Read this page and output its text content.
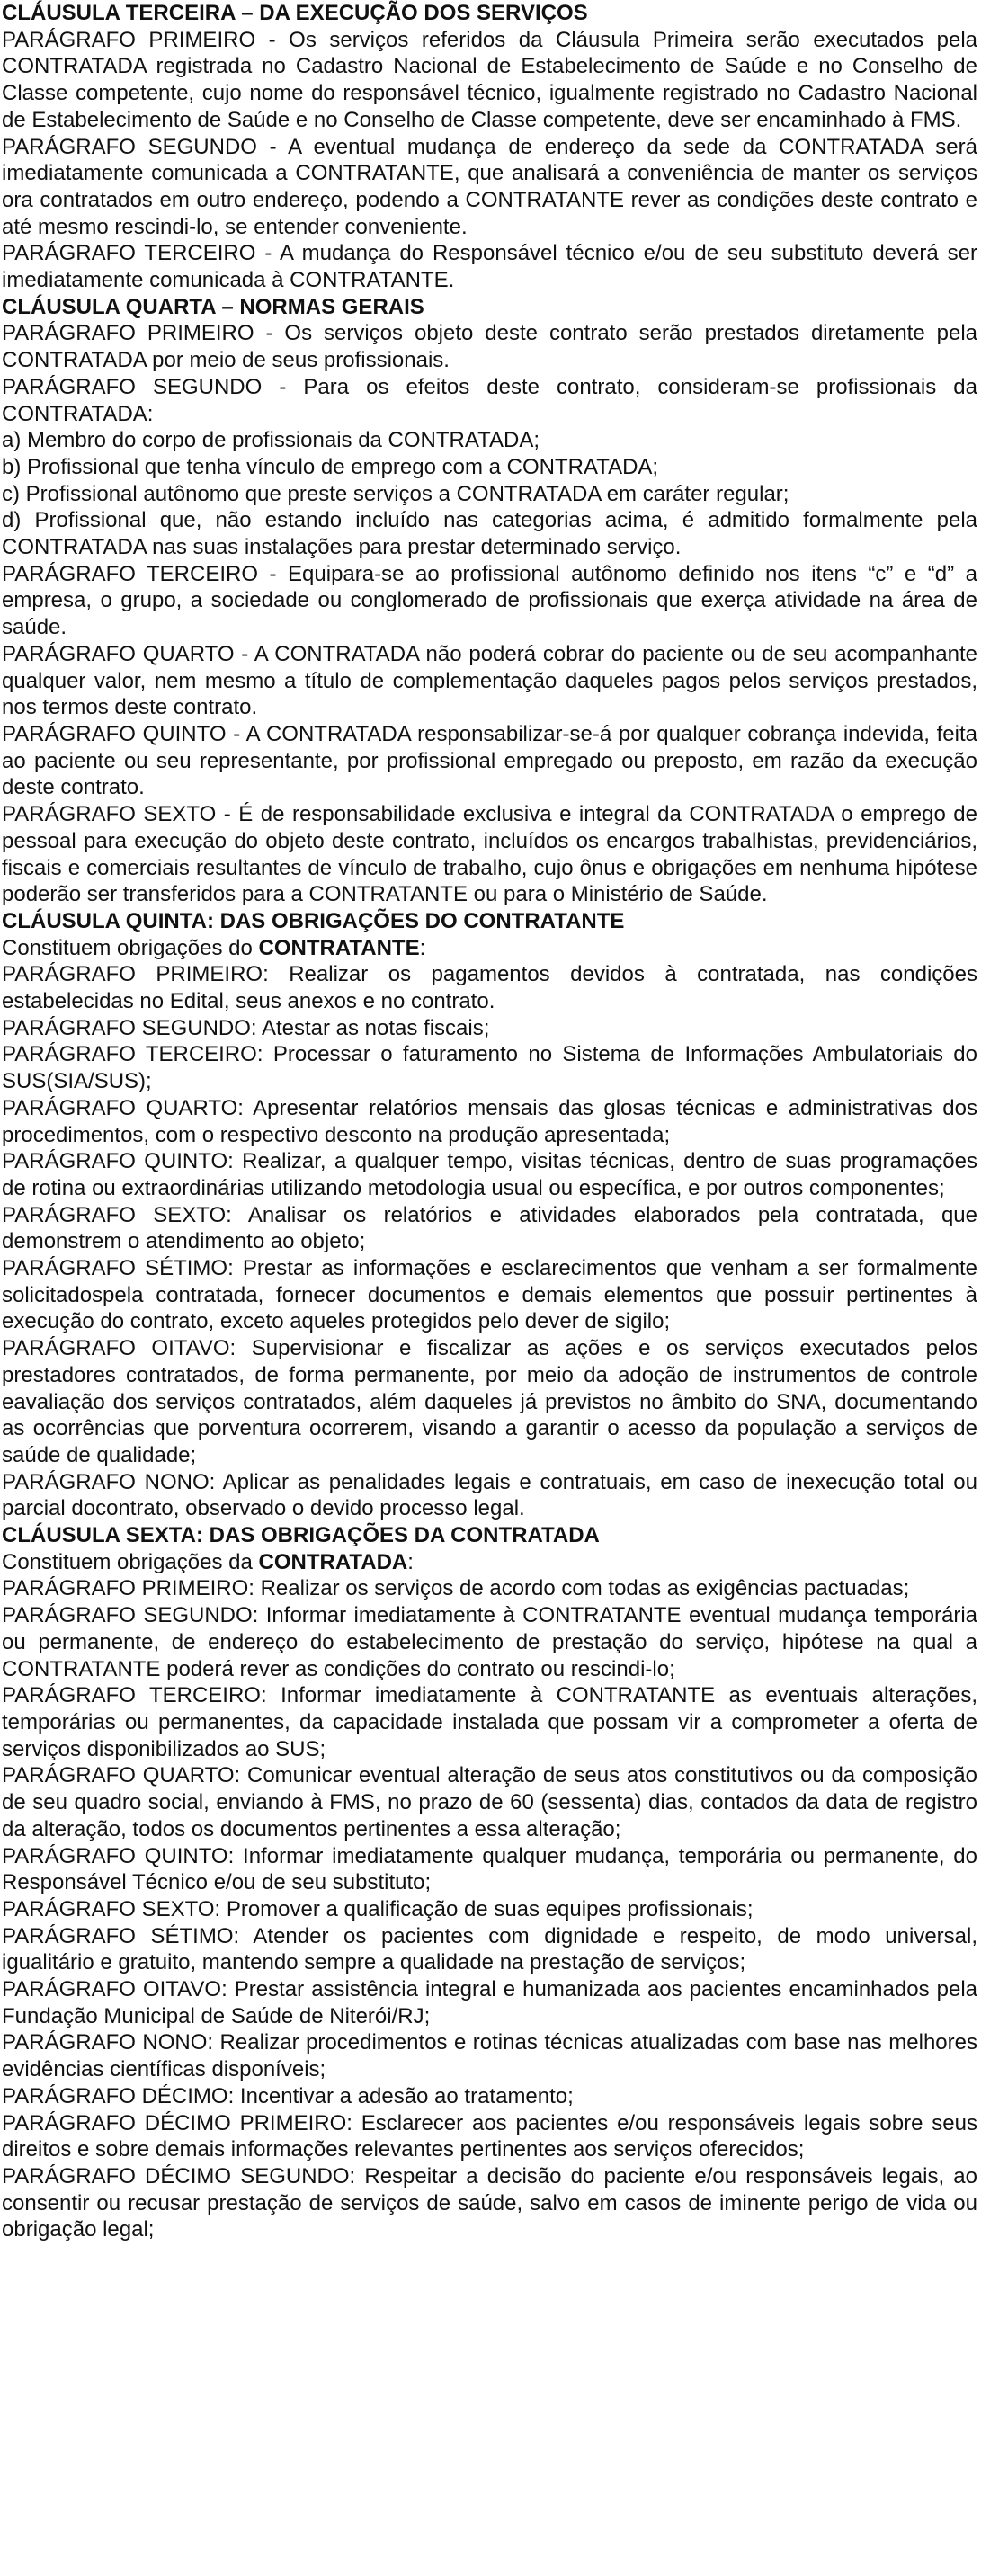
CLÁUSULA TERCEIRA – DA EXECUÇÃO DOS SERVIÇOS

PARÁGRAFO PRIMEIRO - Os serviços referidos da Cláusula Primeira serão executados pela CONTRATADA registrada no Cadastro Nacional de Estabelecimento de Saúde e no Conselho de Classe competente, cujo nome do responsável técnico, igualmente registrado no Cadastro Nacional de Estabelecimento de Saúde e no Conselho de Classe competente, deve ser encaminhado à FMS.

PARÁGRAFO SEGUNDO - A eventual mudança de endereço da sede da CONTRATADA será imediatamente comunicada a CONTRATANTE, que analisará a conveniência de manter os serviços ora contratados em outro endereço, podendo a CONTRATANTE rever as condições deste contrato e até mesmo rescindi-lo, se entender conveniente.

PARÁGRAFO TERCEIRO - A mudança do Responsável técnico e/ou de seu substituto deverá ser imediatamente comunicada à CONTRATANTE.

CLÁUSULA QUARTA – NORMAS GERAIS

PARÁGRAFO PRIMEIRO - Os serviços objeto deste contrato serão prestados diretamente pela CONTRATADA por meio de seus profissionais.

PARÁGRAFO SEGUNDO - Para os efeitos deste contrato, consideram-se profissionais da CONTRATADA:

a) Membro do corpo de profissionais da CONTRATADA;

b) Profissional que tenha vínculo de emprego com a CONTRATADA;

c) Profissional autônomo que preste serviços a CONTRATADA em caráter regular;

d) Profissional que, não estando incluído nas categorias acima, é admitido formalmente pela CONTRATADA nas suas instalações para prestar determinado serviço.

PARÁGRAFO TERCEIRO - Equipara-se ao profissional autônomo definido nos itens “c” e “d” a empresa, o grupo, a sociedade ou conglomerado de profissionais que exerça atividade na área de saúde.

PARÁGRAFO QUARTO - A CONTRATADA não poderá cobrar do paciente ou de seu acompanhante qualquer valor, nem mesmo a título de complementação daqueles pagos pelos serviços prestados, nos termos deste contrato.

PARÁGRAFO QUINTO - A CONTRATADA responsabilizar-se-á por qualquer cobrança indevida, feita ao paciente ou seu representante, por profissional empregado ou preposto, em razão da execução deste contrato.

PARÁGRAFO SEXTO - É de responsabilidade exclusiva e integral da CONTRATADA o emprego de pessoal para execução do objeto deste contrato, incluídos os encargos trabalhistas, previdenciários, fiscais e comerciais resultantes de vínculo de trabalho, cujo ônus e obrigações em nenhuma hipótese poderão ser transferidos para a CONTRATANTE ou para o Ministério de Saúde.

CLÁUSULA QUINTA: DAS OBRIGAÇÕES DO CONTRATANTE

Constituem obrigações do CONTRATANTE:

PARÁGRAFO PRIMEIRO: Realizar os pagamentos devidos à contratada, nas condições estabelecidas no Edital, seus anexos e no contrato.

PARÁGRAFO SEGUNDO: Atestar as notas fiscais;

PARÁGRAFO TERCEIRO: Processar o faturamento no Sistema de Informações Ambulatoriais do SUS(SIA/SUS);

PARÁGRAFO QUARTO: Apresentar relatórios mensais das glosas técnicas e administrativas dos procedimentos, com o respectivo desconto na produção apresentada;

PARÁGRAFO QUINTO: Realizar, a qualquer tempo, visitas técnicas, dentro de suas programações de rotina ou extraordinárias utilizando metodologia usual ou específica, e por outros componentes;

PARÁGRAFO SEXTO: Analisar os relatórios e atividades elaborados pela contratada, que demonstrem o atendimento ao objeto;

PARÁGRAFO SÉTIMO: Prestar as informações e esclarecimentos que venham a ser formalmente solicitadospela contratada, fornecer documentos e demais elementos que possuir pertinentes à execução do contrato, exceto aqueles protegidos pelo dever de sigilo;

PARÁGRAFO OITAVO: Supervisionar e fiscalizar as ações e os serviços executados pelos prestadores contratados, de forma permanente, por meio da adoção de instrumentos de controle eavaliação dos serviços contratados, além daqueles já previstos no âmbito do SNA, documentando as ocorrências que porventura ocorrerem, visando a garantir o acesso da população a serviços de saúde de qualidade;

PARÁGRAFO NONO: Aplicar as penalidades legais e contratuais, em caso de inexecução total ou parcial docontrato, observado o devido processo legal.

CLÁUSULA SEXTA: DAS OBRIGAÇÕES DA CONTRATADA

Constituem obrigações da CONTRATADA:

PARÁGRAFO PRIMEIRO: Realizar os serviços de acordo com todas as exigências pactuadas;

PARÁGRAFO SEGUNDO: Informar imediatamente à CONTRATANTE eventual mudança temporária ou permanente, de endereço do estabelecimento de prestação do serviço, hipótese na qual a CONTRATANTE poderá rever as condições do contrato ou rescindi-lo;

PARÁGRAFO TERCEIRO: Informar imediatamente à CONTRATANTE as eventuais alterações, temporárias ou permanentes, da capacidade instalada que possam vir a comprometer a oferta de serviços disponibilizados ao SUS;

PARÁGRAFO QUARTO: Comunicar eventual alteração de seus atos constitutivos ou da composição de seu quadro social, enviando à FMS, no prazo de 60 (sessenta) dias, contados da data de registro da alteração, todos os documentos pertinentes a essa alteração;

PARÁGRAFO QUINTO: Informar imediatamente qualquer mudança, temporária ou permanente, do Responsável Técnico e/ou de seu substituto;

PARÁGRAFO SEXTO: Promover a qualificação de suas equipes profissionais;

PARÁGRAFO SÉTIMO: Atender os pacientes com dignidade e respeito, de modo universal, igualitário e gratuito, mantendo sempre a qualidade na prestação de serviços;

PARÁGRAFO OITAVO: Prestar assistência integral e humanizada aos pacientes encaminhados pela Fundação Municipal de Saúde de Niterói/RJ;

PARÁGRAFO NONO: Realizar procedimentos e rotinas técnicas atualizadas com base nas melhores evidências científicas disponíveis;

PARÁGRAFO DÉCIMO: Incentivar a adesão ao tratamento;

PARÁGRAFO DÉCIMO PRIMEIRO: Esclarecer aos pacientes e/ou responsáveis legais sobre seus direitos e sobre demais informações relevantes pertinentes aos serviços oferecidos;

PARÁGRAFO DÉCIMO SEGUNDO: Respeitar a decisão do paciente e/ou responsáveis legais, ao consentir ou recusar prestação de serviços de saúde, salvo em casos de iminente perigo de vida ou obrigação legal;
